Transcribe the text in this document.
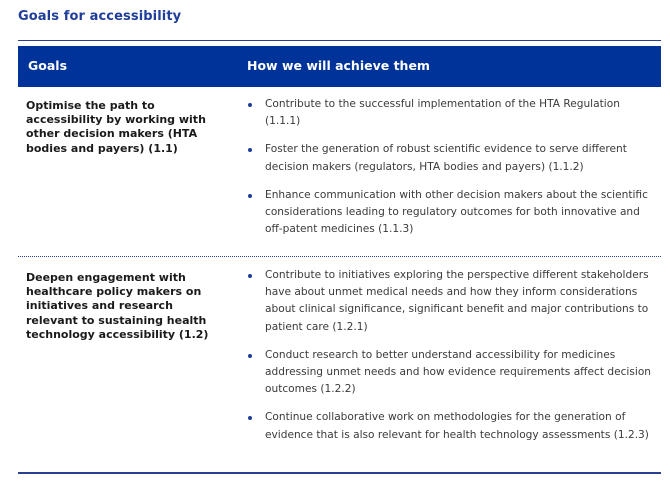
Goals for accessibility
Goals	How we will achieve them
Optimise the path to accessibility by working with other decision makers (HTA bodies and payers) (1.1)
Contribute to the successful implementation of the HTA Regulation (1.1.1)
Foster the generation of robust scientific evidence to serve different decision makers (regulators, HTA bodies and payers) (1.1.2)
Enhance communication with other decision makers about the scientific considerations leading to regulatory outcomes for both innovative and off-patent medicines (1.1.3)
Deepen engagement with healthcare policy makers on initiatives and research relevant to sustaining health technology accessibility (1.2)
Contribute to initiatives exploring the perspective different stakeholders have about unmet medical needs and how they inform considerations about clinical significance, significant benefit and major contributions to patient care (1.2.1)
Conduct research to better understand accessibility for medicines addressing unmet needs and how evidence requirements affect decision outcomes (1.2.2)
Continue collaborative work on methodologies for the generation of evidence that is also relevant for health technology assessments (1.2.3)
